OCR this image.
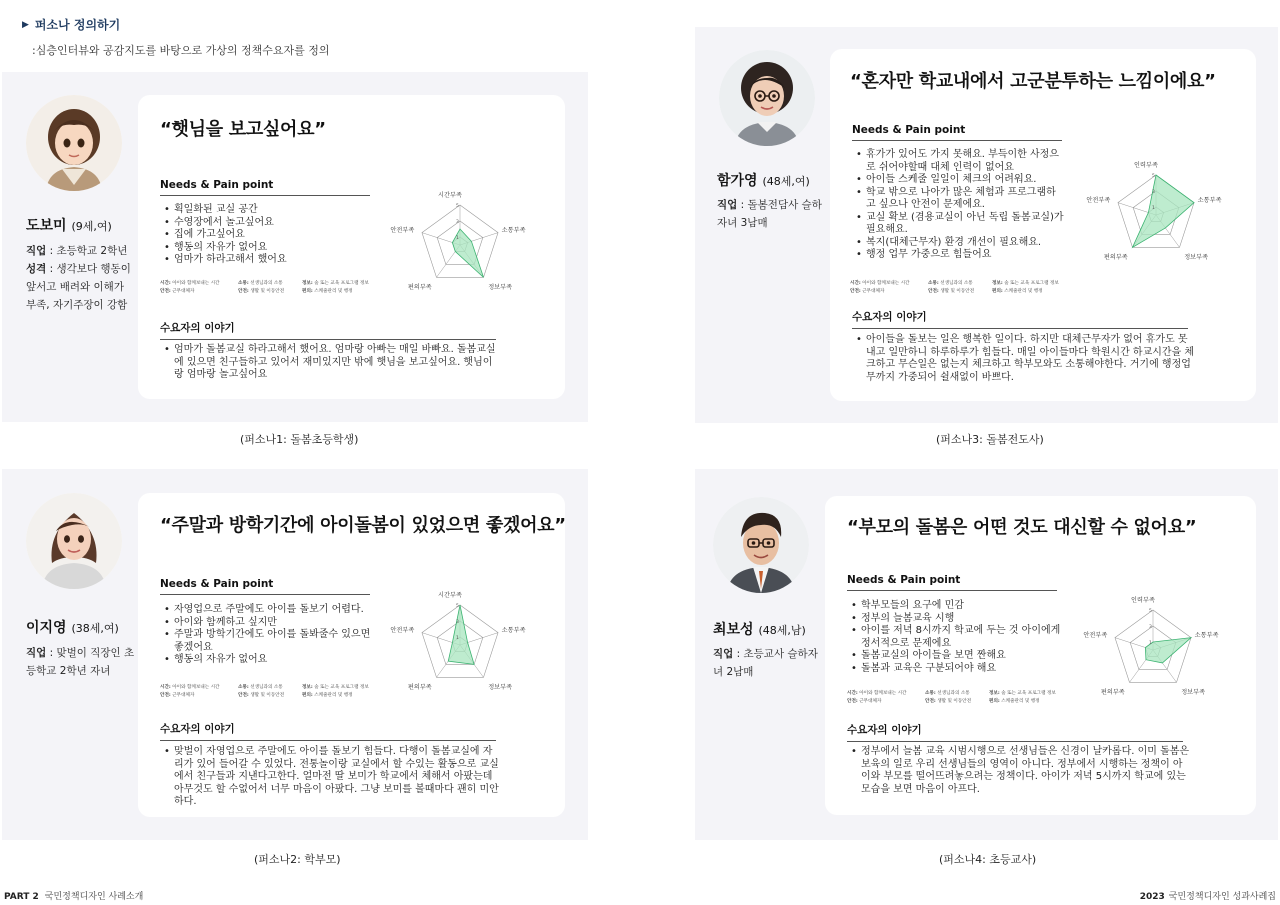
▶ 퍼소나 정의하기
:심층인터뷰와 공감지도를 바탕으로 가상의 정책수요자를 정의
도보미 (9세,여)
직업 : 초등학교 2학년
성격 : 생각보다 행동이 앞서고 배려와 이해가 부족, 자기주장이 강함
“햇님을 보고싶어요”
Needs & Pain point
• 획일화된 교실 공간
• 수영장에서 놀고싶어요
• 집에 가고싶어요
• 행동의 자유가 없어요
• 엄마가 하라고해서 했어요
시간: 아이와 함께보내는 시간	소통: 선생님과의 소통	정보: 숲 또는 교육 프로그램 정보
안전: 근무대체자	안전: 생활 및 이동안전	편의: 스케줄관리 및 행정
1
3
5
시간부족
소통부족
정보부족
편의부족
안전부족
수요자의 이야기
• 엄마가 돌봄교실 하라고해서 했어요. 엄마랑 아빠는 매일 바빠요. 돌봄교실에 있으면 친구들하고 있어서 재미있지만 밖에 햇님을 보고싶어요. 햇님이랑 엄마랑 놀고싶어요
(퍼소나1: 돌봄초등학생)
이지영 (38세,여)
직업 : 맞벌이 직장인 초등학교 2학년 자녀
“주말과 방학기간에 아이돌봄이 있었으면 좋겠어요”
Needs & Pain point
• 자영업으로 주말에도 아이를 돌보기 어렵다.
• 아이와 함께하고 싶지만
• 주말과 방학기간에도 아이를 돌봐줄수 있으면 좋겠어요
• 행동의 자유가 없어요
시간: 아이와 함께보내는 시간	소통: 선생님과의 소통	정보: 숲 또는 교육 프로그램 정보
안전: 근무대체자	안전: 생활 및 이동안전	편의: 스케줄관리 및 행정
1
3
5
시간부족
소통부족
정보부족
편의부족
안전부족
수요자의 이야기
• 맞벌이 자영업으로 주말에도 아이를 돌보기 힘들다. 다행이 돌봄교실에 자리가 있어 들어갈 수 있었다. 전통놀이랑 교실에서 할 수있는 활동으로 교실에서 친구들과 지낸다고한다. 얼마전 딸 보미가 학교에서 체해서 아팠는데 아무것도 할 수없어서 너무 마음이 아팠다. 그냥 보미를 볼때마다 괜히 미안하다.
(퍼소나2: 학부모)
함가영 (48세,여)
직업 : 돌봄전담사 슬하자녀 3남매
“혼자만 학교내에서 고군분투하는 느낌이에요”
Needs & Pain point
• 휴가가 있어도 가지 못해요. 부득이한 사정으로 쉬어야할때 대체 인력이 없어요
• 아이들 스케줄 일일이 체크의 어려워요.
• 학교 밖으로 나아가 많은 체험과 프로그램하고 싶으나 안전이 문제에요.
• 교실 확보 (겸용교실이 아닌 독립 돌봄교실)가 필요해요.
• 복지(대체근무자) 환경 개선이 필요해요.
• 행정 업무 가중으로 힘들어요
시간: 아이와 함께보내는 시간	소통: 선생님과의 소통	정보: 숲 또는 교육 프로그램 정보
안전: 근무대체자	안전: 생활 및 이동안전	편의: 스케줄관리 및 행정
1
3
5
인력부족
소통부족
정보부족
편의부족
안전부족
수요자의 이야기
• 아이들을 돌보는 일은 행복한 일이다. 하지만 대체근무자가 없어 휴가도 못내고 일만하니 하루하루가 힘들다. 매일 아이들마다 학원시간 하교시간을 체크하고 무슨일은 없는지 체크하고 학부모와도 소통해야한다. 거기에 행정업무까지 가중되어 쉴새없이 바쁘다.
(퍼소나3: 돌봄전도사)
최보성 (48세,남)
직업 : 초등교사 슬하자녀 2남매
“부모의 돌봄은 어떤 것도 대신할 수 없어요”
Needs & Pain point
• 학부모들의 요구에 민감
• 정부의 늘봄교육 시행
• 아이를 저녁 8시까지 학교에 두는 것 아이에게 정서적으로 문제에요
• 돌봄교실의 아이들을 보면 짠해요
• 돌봄과 교육은 구분되어야 해요
시간: 아이와 함께보내는 시간	소통: 선생님과의 소통	정보: 숲 또는 교육 프로그램 정보
안전: 근무대체자	안전: 생활 및 이동안전	편의: 스케줄관리 및 행정
1
3
5
인력부족
소통부족
정보부족
편의부족
안전부족
수요자의 이야기
• 정부에서 늘봄 교육 시범시행으로 선생님들은 신경이 날카롭다. 이미 돌봄은 보육의 일로 우리 선생님들의 영역이 아니다. 정부에서 시행하는 정책이 아이와 부모를 떨어뜨려놓으려는 정책이다. 아이가 저녁 5시까지 학교에 있는 모습을 보면 마음이 아프다.
(퍼소나4: 초등교사)
PART 2 국민정책디자인 사례소개	2023 국민정책디자인 성과사례집
